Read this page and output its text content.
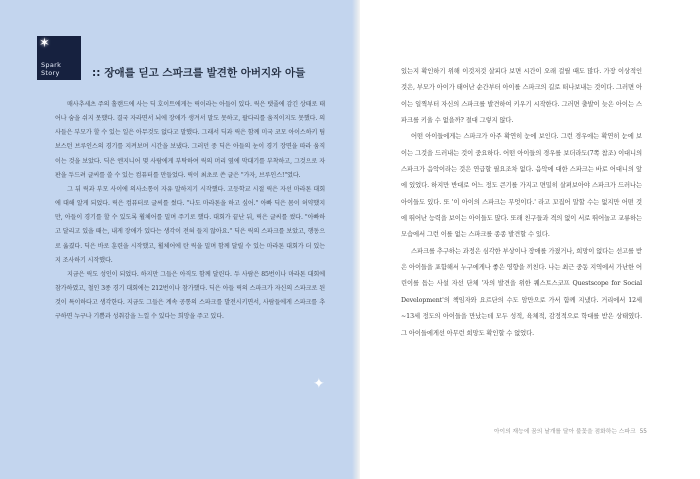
✶
Spark Story	:: 장애를 딛고 스파크를 발견한 아버지와 아들

매사추세츠 주의 홀랜드에 사는 딕 호이트에게는 릭이라는 아들이 있다. 릭은 탯줄에 감긴 상태로 태어나 숨을 쉬지 못했다. 결국 자라면서 뇌에 장애가 생겨서 말도 못하고, 팔다리를 움직이지도 못했다. 의사들은 부모가 할 수 있는 일은 아무것도 없다고 말했다. 그래서 딕과 릭은 함께 미국 코모 아이스하키 팀 보스턴 브루인스의 경기를 지켜보며 시간을 보냈다. 그러던 중 딕은 아들의 눈이 경기 장면을 따라 움직이는 것을 보았다. 딕은 엔지니어 몇 사람에게 부탁하여 릭의 머리 옆에 막대기를 부착하고, 그것으로 자판을 두드려 글씨를 쓸 수 있는 컴퓨터를 만들었다. 릭이 최초로 쓴 글은 "가자, 브루인스!"였다.

그 뒤 릭과 부모 사이에 의사소통이 자유 말하지기 시작했다. 고등학교 시절 릭은 자선 마라톤 대회에 대해 알게 되었다. 릭은 컴퓨터로 글씨를 썼다. "나도 마라톤을 하고 싶어." 아빠 딕은 몸이 허약했지만, 아들이 경기를 할 수 있도록 휠체어를 밀며 주기로 했다. 대회가 끝난 뒤, 릭은 글씨를 썼다. "아빠하고 달리고 있을 때는, 내게 장애가 있다는 생각이 전혀 들지 않아요." 딕은 릭의 스파크를 보았고, 행동으로 옮겼다. 딕은 바로 훈련을 시작했고, 휠체어에 탄 릭을 밀며 함께 달릴 수 있는 마라톤 대회가 더 있는지 조사하기 시작했다.

지금은 릭도 성인이 되었다. 하지만 그들은 아직도 함께 달린다. 두 사람은 85번이나 마라톤 대회에 참가하였고, 철인 3종 경기 대회에는 212번이나 참가했다. 딕은 아들 릭의 스파크가 자신의 스파크로 된 것이 특이하다고 생각한다. 지금도 그들은 계속 공통의 스파크를 발전시키면서, 사람들에게 스파크를 추구하면 누구나 기쁨과 성취감을 느낄 수 있다는 희망을 주고 있다.

✦

있는지 확인하기 위해 이것저것 살피다 보면 시간이 오래 걸릴 때도 많다. 가장 이상적인 것은, 부모가 아이가 태어난 순간부터 아이를 스파크의 길로 떠나보내는 것이다. 그러면 아이는 일찍부터 자신의 스파크를 발견하여 키우기 시작한다. 그러면 출발이 늦은 아이는 스파크를 키울 수 없을까? 절대 그렇지 않다.

어떤 아이들에게는 스파크가 아주 확연히 눈에 보인다. 그런 경우에는 확연히 눈에 보이는 그것을 드러내는 것이 중요하다. 어떤 아이들의 경우를 보더라도(7쪽 참조) 이대니의 스파크가 음악이라는 것은 연급할 필요조차 없다. 음악에 대한 스파크는 바로 어대니의 앞에 있었다. 하지만 반대로 어느 정도 큰기를 가지고 면밀히 살펴보아야 스파크가 드러나는 아이들도 있다. 또 '이 아이의 스파크는 무엇이다.' 라고 꼬집어 말할 수는 없지만 어떤 것에 뛰어난 능력을 보이는 아이들도 많다. 또래 친구들과 격의 없이 서로 뛰어놀고 교류하는 모습에서 그런 이를 없는 스파크를 종종 발견할 수 있다.

스파크를 추구하는 과정은 심각한 부상이나 장애를 가졌거나, 희망이 없다는 선고를 받은 아이들을 포함해서 누구에게나 좋은 영향을 끼친다. 나는 최근 중동 지역에서 가난한 어린이를 돕는 사설 자선 단체 '자의 발견을 위한 퀘스트스코프 Questscope for Social Development'의 책임자와 요르단의 수도 암만으로 가서 함께 지냈다. 거리에서 12세~13세 정도의 아이들을 만났는데 모두 성적, 육체적, 감정적으로 학대를 받은 상태였다. 그 아이들에게선 아무런 희망도 확인할 수 없었다.

아이의 재능에 꿈의 날개를 달아 불꽃을 점화하는 스파크 55
